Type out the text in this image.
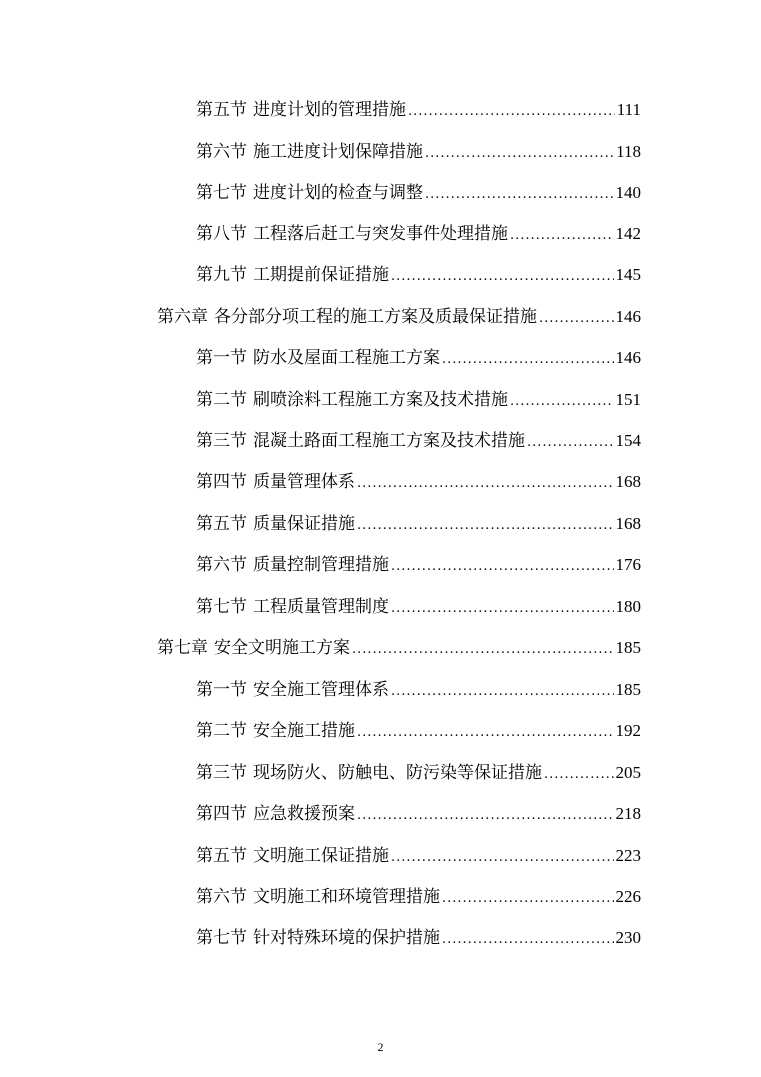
第五节 进度计划的管理措施 .....	111
第六节 施工进度计划保障措施 .....	118
第七节 进度计划的检查与调整 .....	140
第八节 工程落后赶工与突发事件处理措施 .....	142
第九节 工期提前保证措施 .....	145
第六章 各分部分项工程的施工方案及质最保证措施 .....	146
第一节 防水及屋面工程施工方案 .....	146
第二节 刷喷涂料工程施工方案及技术措施 .....	151
第三节 混凝土路面工程施工方案及技术措施 .....	154
第四节 质量管理体系 .....	168
第五节 质量保证措施 .....	168
第六节 质量控制管理措施 .....	176
第七节 工程质量管理制度 .....	180
第七章 安全文明施工方案 .....	185
第一节 安全施工管理体系 .....	185
第二节 安全施工措施 .....	192
第三节 现场防火、防触电、防污染等保证措施 .....	205
第四节 应急救援预案 .....	218
第五节 文明施工保证措施 .....	223
第六节 文明施工和环境管理措施 .....	226
第七节 针对特殊环境的保护措施 .....	230
2
